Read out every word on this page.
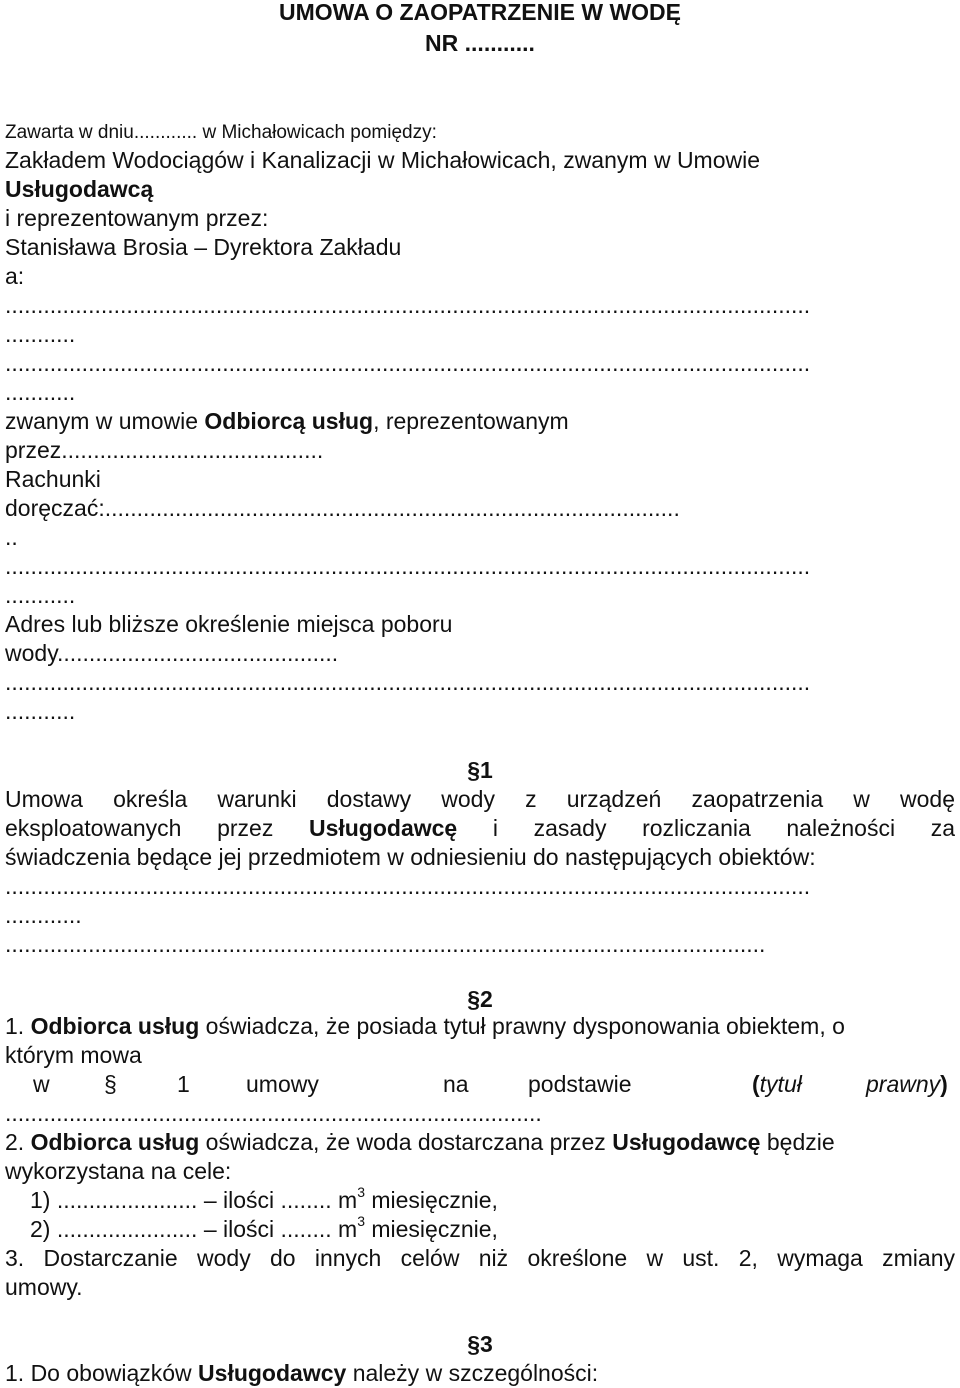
UMOWA O ZAOPATRZENIE W WODĘ
NR ...........
Zawarta w dniu............ w Michałowicach pomiędzy:
Zakładem Wodociągów i Kanalizacji w Michałowicach, zwanym w Umowie
Usługodawcą
i reprezentowanym przez:
Stanisława Brosia – Dyrektora Zakładu
a:
..............................................................................................................................
...........
..............................................................................................................................
...........
zwanym w umowie Odbiorcą usług, reprezentowanym
przez.........................................
Rachunki
doręczać:..........................................................................................
..
..............................................................................................................................
...........
Adres lub bliższe określenie miejsca poboru
wody............................................
..............................................................................................................................
...........
§1
Umowa określa warunki dostawy wody z urządzeń zaopatrzenia w wodę
eksploatowanych przez Usługodawcę i zasady rozliczania należności za
świadczenia będące jej przedmiotem w odniesieniu do następujących obiektów:
..............................................................................................................................
............
.......................................................................................................................
§2
1. Odbiorca usług oświadcza, że posiada tytuł prawny dysponowania obiektem, o
którym mowa
w §	1 umowy	na	podstawie	(tytuł	prawny)
....................................................................................
2. Odbiorca usług oświadcza, że woda dostarczana przez Usługodawcę będzie
wykorzystana na cele:
1) ...................... – ilości ........ $m^3$ miesięcznie,
2) ...................... – ilości ........ $m^3$ miesięcznie,
3. Dostarczanie wody do innych celów niż określone w ust. 2, wymaga zmiany
umowy.
§3
1. Do obowiązków Usługodawcy należy w szczególności:
